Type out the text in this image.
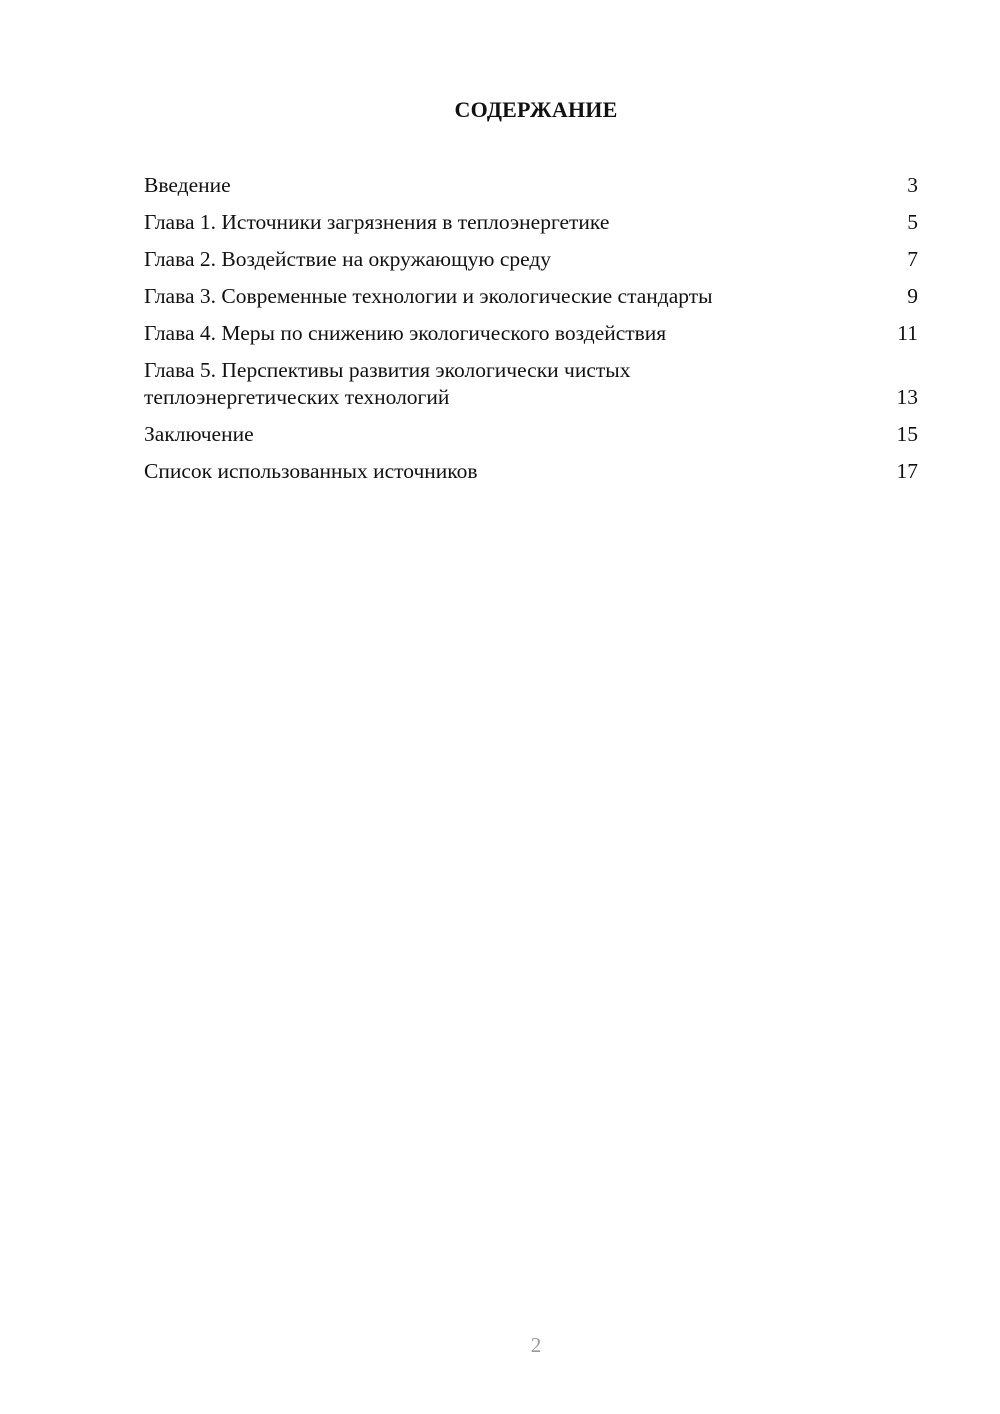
СОДЕРЖАНИЕ
Введение	3
Глава 1. Источники загрязнения в теплоэнергетике	5
Глава 2. Воздействие на окружающую среду	7
Глава 3. Современные технологии и экологические стандарты	9
Глава 4. Меры по снижению экологического воздействия	11
Глава 5. Перспективы развития экологически чистых
теплоэнергетических технологий	13
Заключение	15
Список использованных источников	17
2
